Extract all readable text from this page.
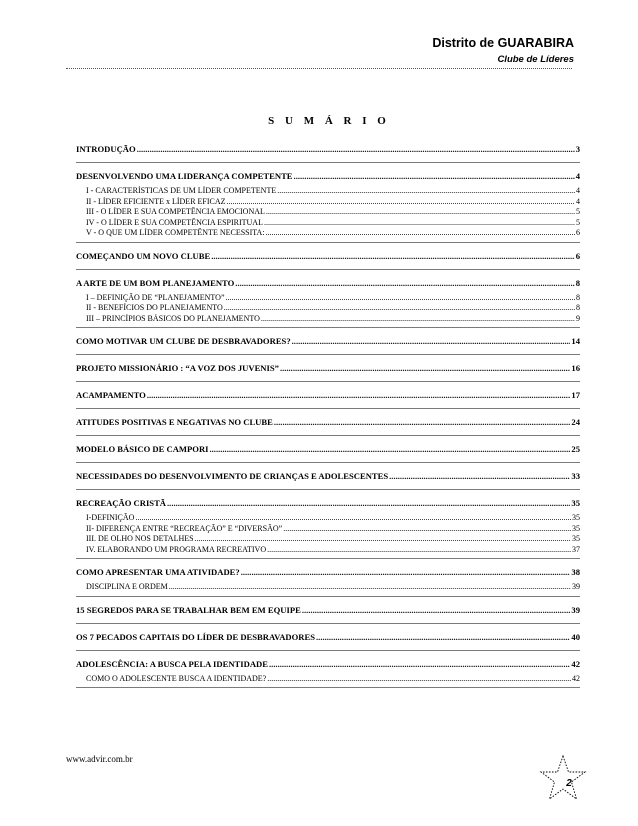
Distrito de GUARABIRA
Clube de Líderes
S U M Á R I O
INTRODUÇÃO .....	3
DESENVOLVENDO UMA LIDERANÇA COMPETENTE .....	4
I - CARACTERÍSTICAS DE UM LÍDER COMPETENTE .....	4
II - LÍDER EFICIENTE x LÍDER EFICAZ .....	4
III - O LÍDER E SUA COMPETÊNCIA EMOCIONAL .....	5
IV - O LÍDER E SUA COMPETÊNCIA ESPIRITUAL .....	5
V - O QUE UM LÍDER COMPETÊNTE NECESSITA: .....	6
COMEÇANDO UM NOVO CLUBE .....	6
A ARTE DE UM BOM PLANEJAMENTO .....	8
I – DEFINIÇÃO DE “PLANEJAMENTO” .....	8
II - BENEFÍCIOS DO PLANEJAMENTO .....	8
III – PRINCÍPIOS BÁSICOS DO PLANEJAMENTO .....	9
COMO MOTIVAR UM CLUBE DE DESBRAVADORES? .....	14
PROJETO MISSIONÁRIO : “A VOZ DOS JUVENIS” .....	16
ACAMPAMENTO .....	17
ATITUDES POSITIVAS E NEGATIVAS NO CLUBE .....	24
MODELO BÁSICO DE CAMPORI .....	25
NECESSIDADES DO DESENVOLVIMENTO DE CRIANÇAS E ADOLESCENTES .....	33
RECREAÇÃO CRISTÃ .....	35
I-DEFINIÇÃO .....	35
II- DIFERENÇA ENTRE “RECREAÇÃO” E “DIVERSÃO” .....	35
III. DE OLHO NOS DETALHES .....	35
IV. ELABORANDO UM PROGRAMA RECREATIVO .....	37
COMO APRESENTAR UMA ATIVIDADE? .....	38
DISCIPLINA E ORDEM .....	39
15 SEGREDOS PARA SE TRABALHAR BEM EM EQUIPE .....	39
OS 7 PECADOS CAPITAIS DO LÍDER DE DESBRAVADORES .....	40
ADOLESCÊNCIA: A BUSCA PELA IDENTIDADE .....	42
COMO O ADOLESCENTE BUSCA A IDENTIDADE? .....	42
www.advir.com.br
2
